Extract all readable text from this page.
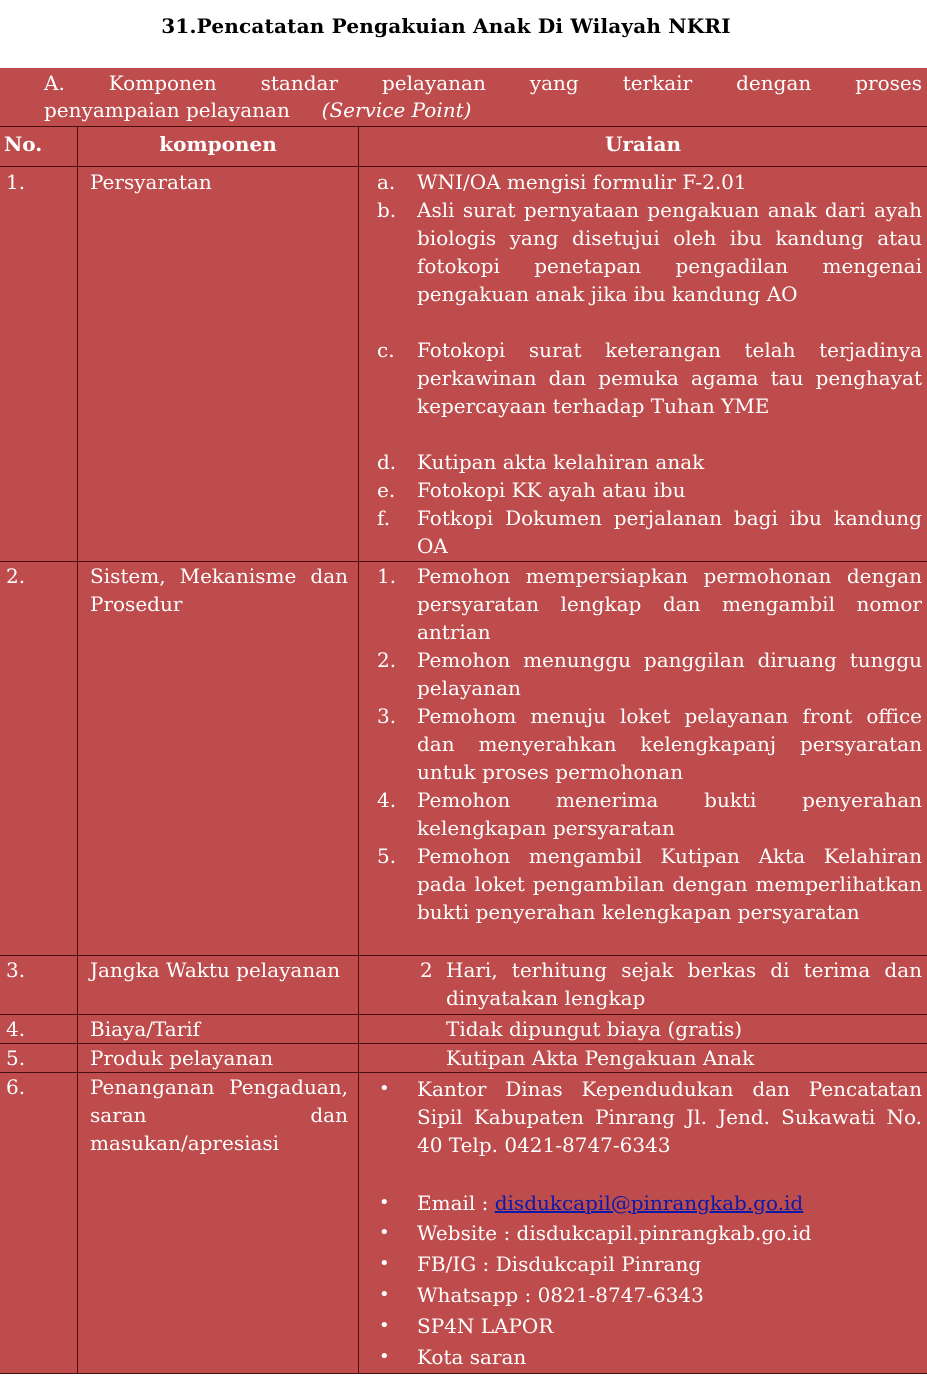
31.Pencatatan Pengakuian Anak Di Wilayah NKRI
A. Komponen standar pelayanan yang terkair dengan proses
penyampaian pelayanan     (Service Point)
No.	komponen	Uraian
1.	Persyaratan	a. WNI/OA mengisi formulir F-2.01
b. Asli surat pernyataan pengakuan anak dari ayah biologis yang disetujui oleh ibu kandung atau fotokopi penetapan pengadilan mengenai pengakuan anak jika ibu kandung AO
c. Fotokopi surat keterangan telah terjadinya perkawinan dan pemuka agama tau penghayat kepercayaan terhadap Tuhan YME
d. Kutipan akta kelahiran anak
e. Fotokopi KK ayah atau ibu
f. Fotkopi Dokumen perjalanan bagi ibu kandung OA
2.	Sistem, Mekanisme dan Prosedur
1. Pemohon mempersiapkan permohonan dengan persyaratan lengkap dan mengambil nomor antrian
2. Pemohon menunggu panggilan diruang tunggu pelayanan
3. Pemohom menuju loket pelayanan front office dan menyerahkan kelengkapanj persyaratan untuk proses permohonan
4. Pemohon menerima bukti penyerahan kelengkapan persyaratan
5. Pemohon mengambil Kutipan Akta Kelahiran pada loket pengambilan dengan memperlihatkan bukti penyerahan kelengkapan persyaratan
3.	Jangka Waktu pelayanan	2 Hari, terhitung sejak berkas di terima dan dinyatakan lengkap
4.	Biaya/Tarif	Tidak dipungut biaya (gratis)
5.	Produk pelayanan	Kutipan Akta Pengakuan Anak
6.	Penanganan Pengaduan, saran dan masukan/apresiasi
• Kantor Dinas Kependudukan dan Pencatatan Sipil Kabupaten Pinrang Jl. Jend. Sukawati No. 40 Telp. 0421-8747-6343
• Email : disdukcapil@pinrangkab.go.id
• Website : disdukcapil.pinrangkab.go.id
• FB/IG : Disdukcapil Pinrang
• Whatsapp : 0821-8747-6343
• SP4N LAPOR
• Kota saran
